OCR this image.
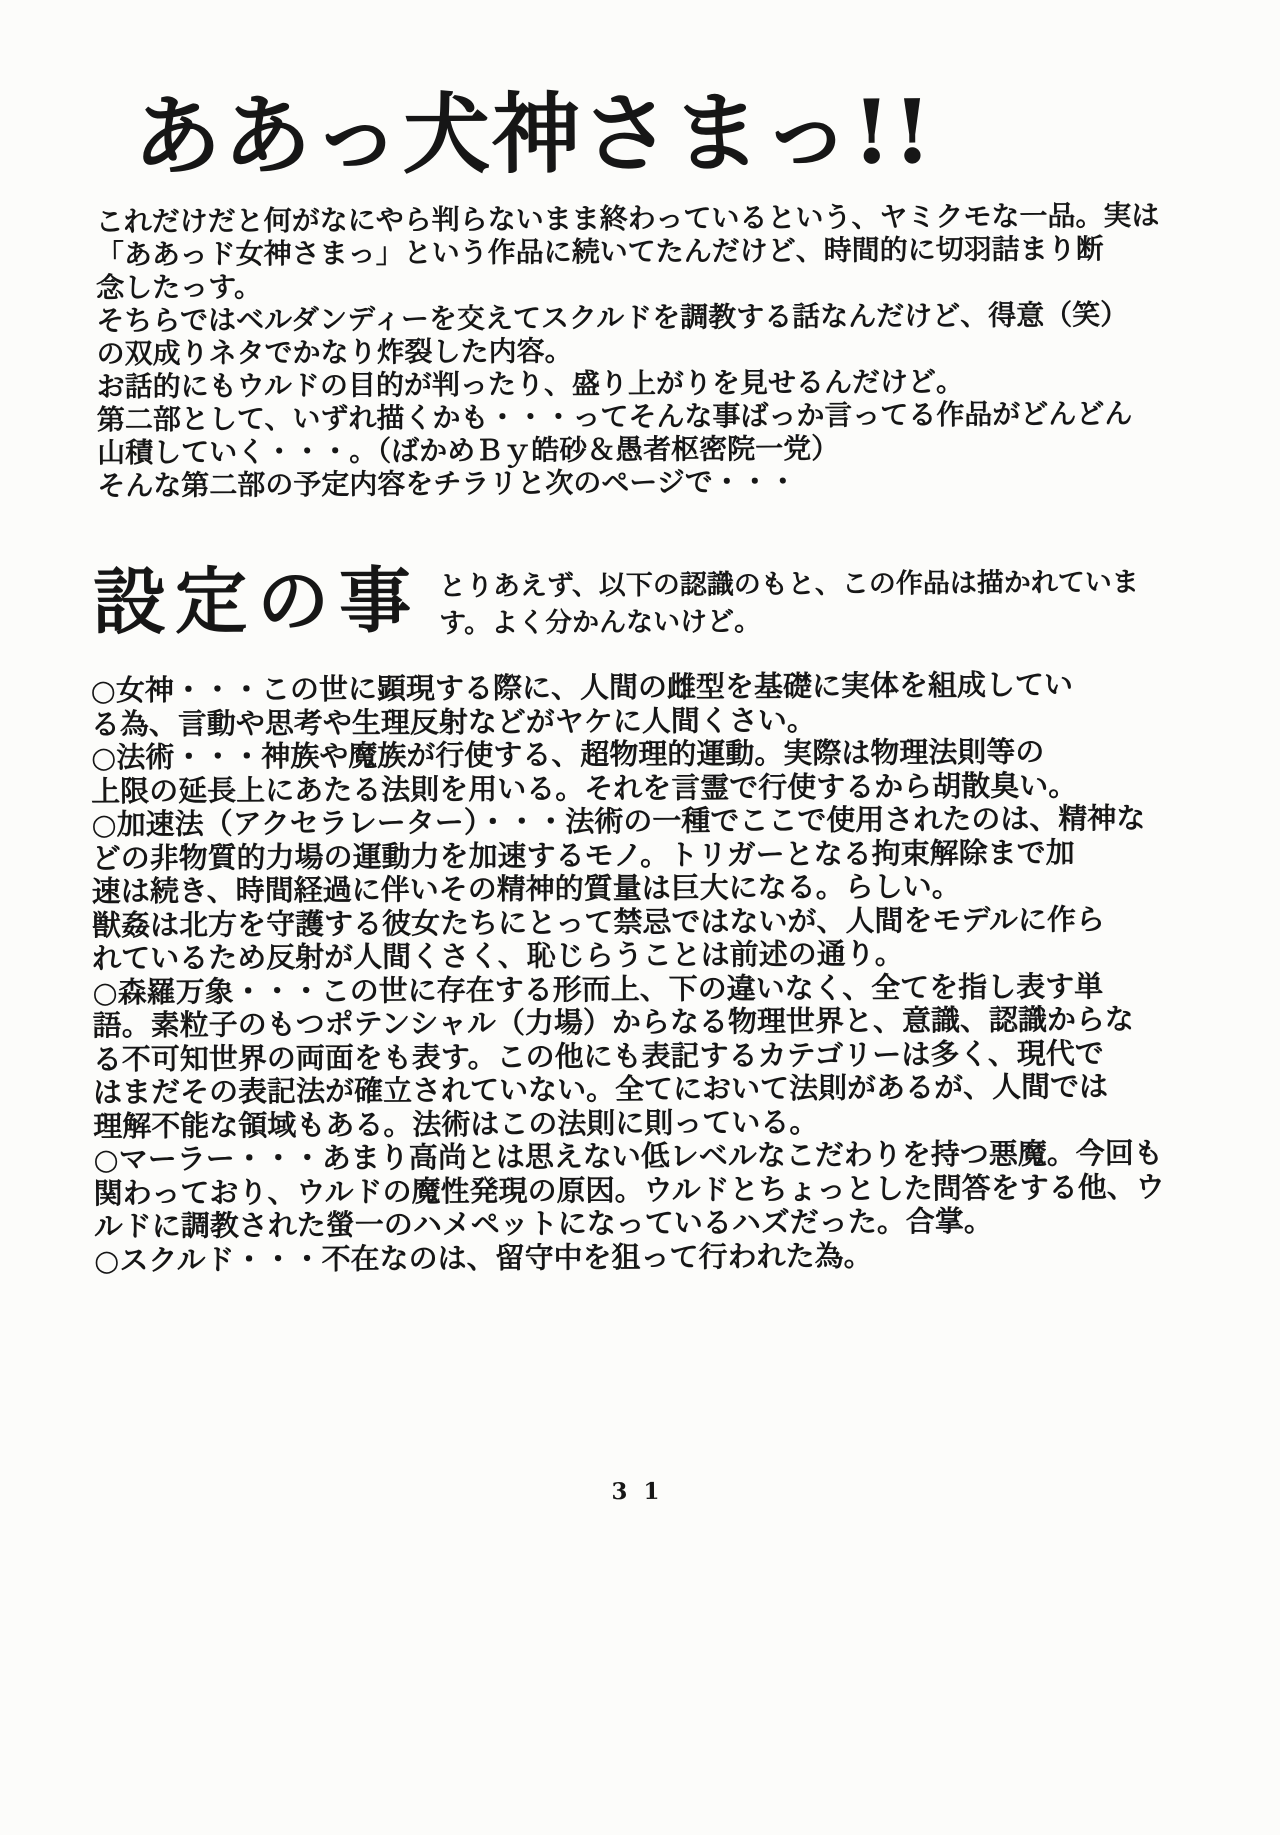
ああっ犬神さまっ!!
これだけだと何がなにやら判らないまま終わっているという、ヤミクモな一品。実は
「ああっド女神さまっ」という作品に続いてたんだけど、時間的に切羽詰まり断
念したっす。
そちらではベルダンディーを交えてスクルドを調教する話なんだけど、得意（笑）
の双成りネタでかなり炸裂した内容。
お話的にもウルドの目的が判ったり、盛り上がりを見せるんだけど。
第二部として、いずれ描くかも・・・ってそんな事ばっか言ってる作品がどんどん
山積していく・・・。（ばかめＢｙ皓砂＆愚者枢密院一党）
そんな第二部の予定内容をチラリと次のページで・・・
設定の事 とりあえず、以下の認識のもと、この作品は描かれていま
す。よく分かんないけど。
○女神・・・この世に顕現する際に、人間の雌型を基礎に実体を組成してい
る為、言動や思考や生理反射などがヤケに人間くさい。
○法術・・・神族や魔族が行使する、超物理的運動。実際は物理法則等の
上限の延長上にあたる法則を用いる。それを言霊で行使するから胡散臭い。
○加速法（アクセラレーター）・・・法術の一種でここで使用されたのは、精神な
どの非物質的力場の運動力を加速するモノ。トリガーとなる拘束解除まで加
速は続き、時間経過に伴いその精神的質量は巨大になる。らしい。
獣姦は北方を守護する彼女たちにとって禁忌ではないが、人間をモデルに作ら
れているため反射が人間くさく、恥じらうことは前述の通り。
○森羅万象・・・この世に存在する形而上、下の違いなく、全てを指し表す単
語。素粒子のもつポテンシャル（力場）からなる物理世界と、意識、認識からな
る不可知世界の両面をも表す。この他にも表記するカテゴリーは多く、現代で
はまだその表記法が確立されていない。全てにおいて法則があるが、人間では
理解不能な領域もある。法術はこの法則に則っている。
○マーラー・・・あまり高尚とは思えない低レベルなこだわりを持つ悪魔。今回も
関わっており、ウルドの魔性発現の原因。ウルドとちょっとした問答をする他、ウ
ルドに調教された螢一のハメペットになっているハズだった。合掌。
○スクルド・・・不在なのは、留守中を狙って行われた為。
31
